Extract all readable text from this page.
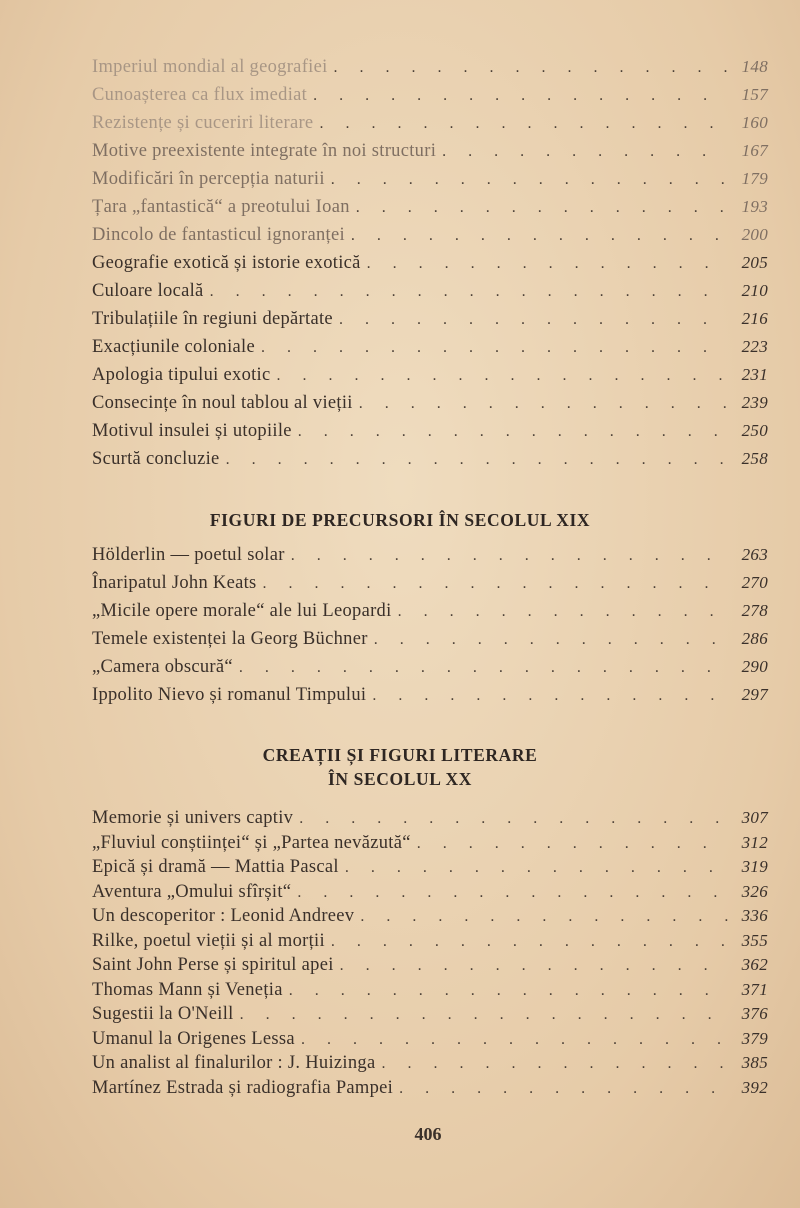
Imperiul mondial al geografiei . . .	148
Cunoașterea ca flux imediat . . .	157
Rezistențe și cuceriri literare . . .	160
Motive preexistente integrate în noi structuri . . .	167
Modificări în percepția naturii . . .	179
Țara „fantastică“ a preotului Ioan . . .	193
Dincolo de fantasticul ignoranței . . .	200
Geografie exotică și istorie exotică . . .	205
Culoare locală . . .	210
Tribulațiile în regiuni depărtate . . .	216
Exacțiunile coloniale . . .	223
Apologia tipului exotic . . .	231
Consecințe în noul tablou al vieții . . .	239
Motivul insulei și utopiile . . .	250
Scurtă concluzie . . .	258
FIGURI DE PRECURSORI ÎN SECOLUL XIX
Hölderlin — poetul solar . . .	263
Înaripatul John Keats . . .	270
„Micile opere morale“ ale lui Leopardi . . .	278
Temele existenței la Georg Büchner . . .	286
„Camera obscură“ . . .	290
Ippolito Nievo și romanul Timpului . . .	297
CREAȚII ȘI FIGURI LITERARE
ÎN SECOLUL XX
Memorie și univers captiv . . .	307
„Fluviul conștiinței“ și „Partea nevăzută“ . . .	312
Epică și dramă — Mattia Pascal . . .	319
Aventura „Omului sfîrșit“ . . .	326
Un descoperitor : Leonid Andreev . . .	336
Rilke, poetul vieții și al morții . . .	355
Saint John Perse și spiritul apei . . .	362
Thomas Mann și Veneția . . .	371
Sugestii la O'Neill . . .	376
Umanul la Origenes Lessa . . .	379
Un analist al finalurilor : J. Huizinga . . .	385
Martínez Estrada și radiografia Pampei . . .	392
406
